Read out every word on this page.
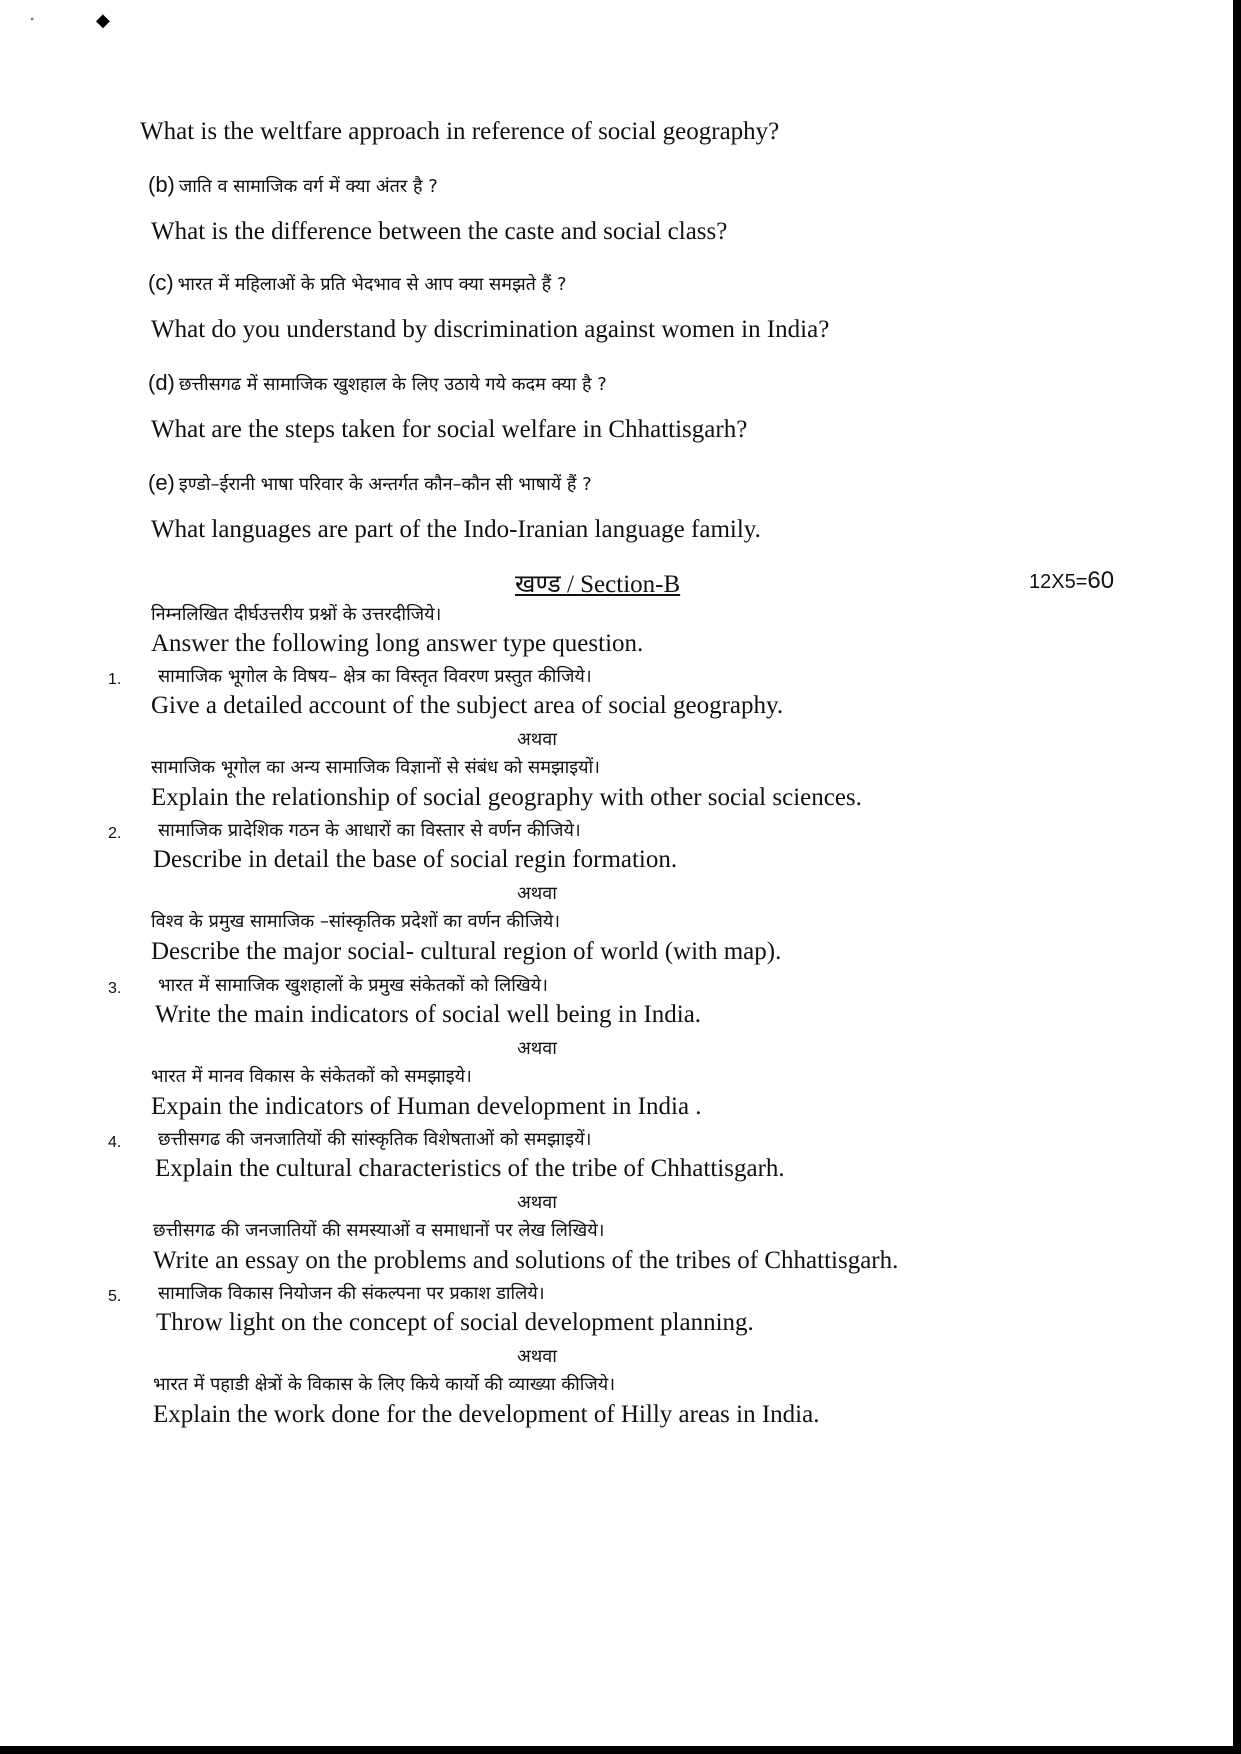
•	◆
What is the weltfare approach in reference of social geography?
(b) जाति व सामाजिक वर्ग में क्या अंतर है ?
What is the difference between the caste and social class?
(c) भारत में महिलाओं के प्रति भेदभाव से आप क्या समझते हैं ?
What do you understand by discrimination against women in India?
(d) छत्तीसगढ में सामाजिक खुशहाल के लिए उठाये गये कदम क्या है ?
What are the steps taken for social welfare in Chhattisgarh?
(e) इण्डो–ईरानी भाषा परिवार के अन्तर्गत कौन–कौन सी भाषायें हैं ?
What languages are part of the Indo-Iranian language family.
खण्ड / Section-B	12X5=60
निम्नलिखित दीर्घउत्तरीय प्रश्नों के उत्तरदीजिये।
Answer the following long answer type question.
1. सामाजिक भूगोल के विषय– क्षेत्र का विस्तृत विवरण प्रस्तुत कीजिये।
Give a detailed account of the subject area of social geography.
अथवा
सामाजिक भूगोल का अन्य सामाजिक विज्ञानों से संबंध को समझाइयों।
Explain the relationship of social geography with other social sciences.
2. सामाजिक प्रादेशिक गठन के आधारों का विस्तार से वर्णन कीजिये।
Describe in detail the base of social regin formation.
अथवा
विश्व के प्रमुख सामाजिक –सांस्कृतिक प्रदेशों का वर्णन कीजिये।
Describe the major social- cultural region of world (with map).
3. भारत में सामाजिक खुशहालों के प्रमुख संकेतकों को लिखिये।
Write the main indicators of social well being in India.
अथवा
भारत में मानव विकास के संकेतकों को समझाइये।
Expain the indicators of Human development in India .
4. छत्तीसगढ की जनजातियों की सांस्कृतिक विशेषताओं को समझाइयें।
Explain the cultural characteristics of the tribe of Chhattisgarh.
अथवा
छत्तीसगढ की जनजातियों की समस्याओं व समाधानों पर लेख लिखिये।
Write an essay on the problems and solutions of the tribes of Chhattisgarh.
5. सामाजिक विकास नियोजन की संकल्पना पर प्रकाश डालिये।
Throw light on the concept of social development planning.
अथवा
भारत में पहाडी क्षेत्रों के विकास के लिए किये कार्यो की व्याख्या कीजिये।
Explain the work done for the development of Hilly areas in India.
